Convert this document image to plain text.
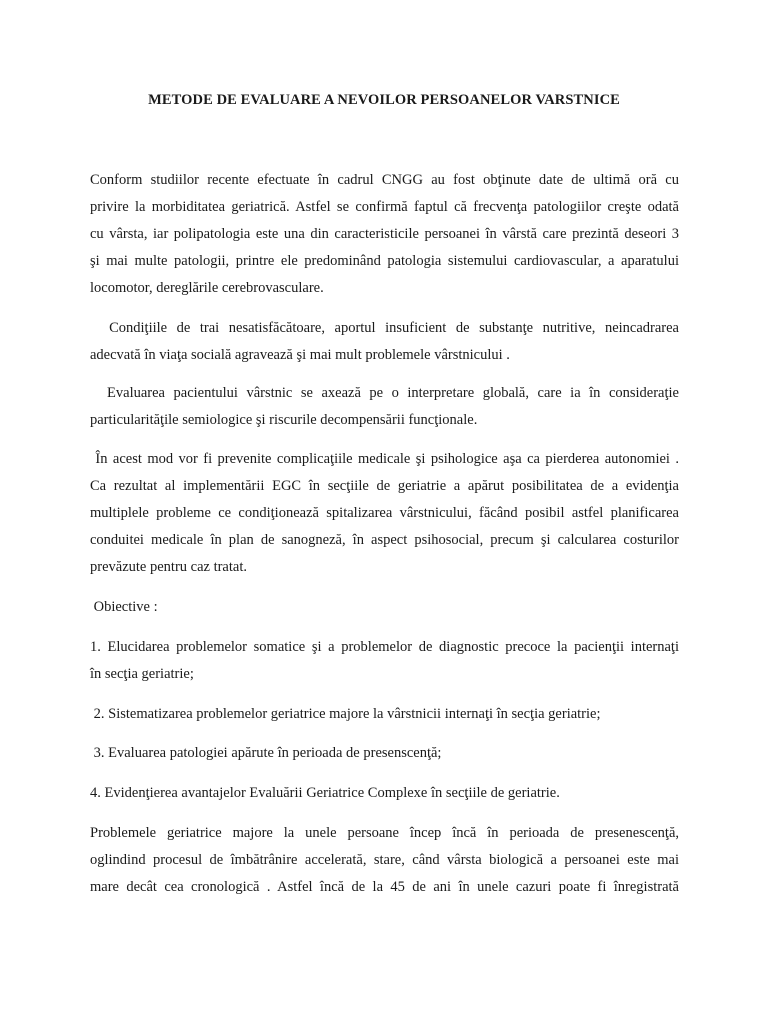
METODE DE EVALUARE A NEVOILOR PERSOANELOR VARSTNICE
Conform studiilor recente efectuate în cadrul CNGG au fost obţinute date de ultimă oră cu
privire la morbiditatea geriatrică. Astfel se confirmă faptul că frecvenţa patologiilor creşte odată
cu vârsta, iar polipatologia este una din caracteristicile persoanei în vârstă care prezintă deseori 3
şi mai multe patologii, printre ele predominând patologia sistemului cardiovascular, a aparatului
locomotor, dereglările cerebrovasculare.
Condiţiile de trai nesatisfăcătoare, aportul insuficient de substanţe nutritive, neincadrarea
adecvată în viaţa socială agravează şi mai mult problemele vârstnicului .
Evaluarea pacientului vârstnic se axează pe o interpretare globală, care ia în consideraţie
particularităţile semiologice şi riscurile decompensării funcţionale.
În acest mod vor fi prevenite complicaţiile medicale şi psihologice aşa ca pierderea autonomiei .
Ca rezultat al implementării EGC în secţiile de geriatrie a apărut posibilitatea de a evidenţia
multiplele probleme ce condiţionează spitalizarea vârstnicului, făcând posibil astfel planificarea
conduitei medicale în plan de sanogneză, în aspect psihosocial, precum şi calcularea costurilor
prevăzute pentru caz tratat.
Obiective :
1. Elucidarea problemelor somatice şi a problemelor de diagnostic precoce la pacienţii internaţi
în secţia geriatrie;
2. Sistematizarea problemelor geriatrice majore la vârstnicii internaţi în secţia geriatrie;
3. Evaluarea patologiei apărute în perioada de presenscenţă;
4. Evidenţierea avantajelor Evaluării Geriatrice Complexe în secţiile de geriatrie.
Problemele geriatrice majore la unele persoane încep încă în perioada de presenescenţă,
oglindind procesul de îmbătrânire accelerată, stare, când vârsta biologică a persoanei este mai
mare decât cea cronologică . Astfel încă de la 45 de ani în unele cazuri poate fi înregistrată
